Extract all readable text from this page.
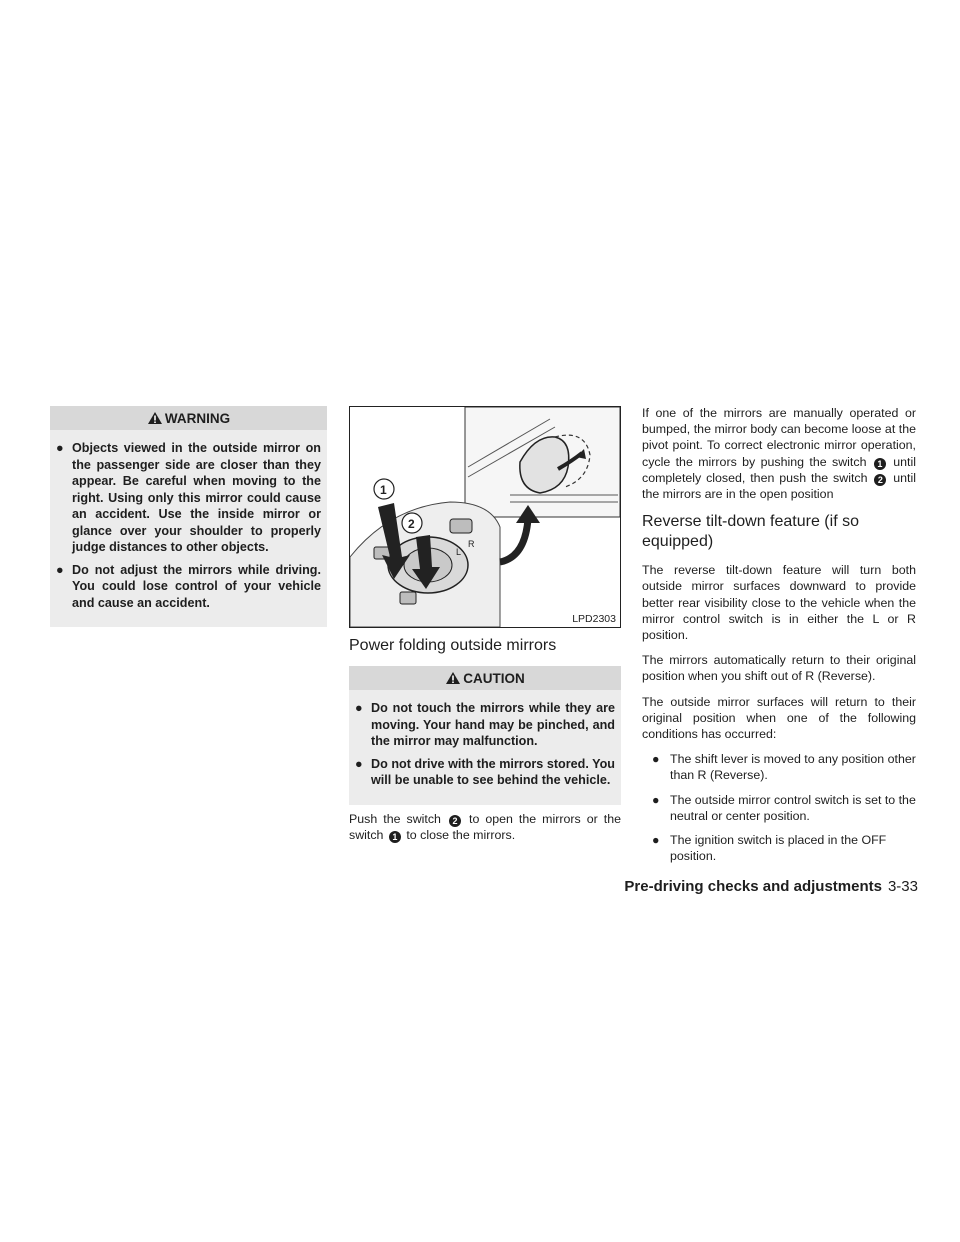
WARNING
● Objects viewed in the outside mirror on the passenger side are closer than they appear. Be careful when moving to the right. Using only this mirror could cause an accident. Use the inside mirror or glance over your shoulder to properly judge distances to other objects.
● Do not adjust the mirrors while driving. You could lose control of your vehicle and cause an accident.
L
R
1
2
LPD2303
Power folding outside mirrors
CAUTION
● Do not touch the mirrors while they are moving. Your hand may be pinched, and the mirror may malfunction.
● Do not drive with the mirrors stored. You will be unable to see behind the vehicle.

Push the switch 2 to open the mirrors or the switch 1 to close the mirrors.

If one of the mirrors are manually operated or bumped, the mirror body can become loose at the pivot point. To correct electronic mirror operation, cycle the mirrors by pushing the switch 1 until completely closed, then push the switch 2 until the mirrors are in the open position

Reverse tilt-down feature (if so equipped)

The reverse tilt-down feature will turn both outside mirror surfaces downward to provide better rear visibility close to the vehicle when the mirror control switch is in either the L or R position.

The mirrors automatically return to their original position when you shift out of R (Reverse).

The outside mirror surfaces will return to their original position when one of the following conditions has occurred:

● The shift lever is moved to any position other than R (Reverse).
● The outside mirror control switch is set to the neutral or center position.
● The ignition switch is placed in the OFF position.
Pre-driving checks and adjustments 3-33
